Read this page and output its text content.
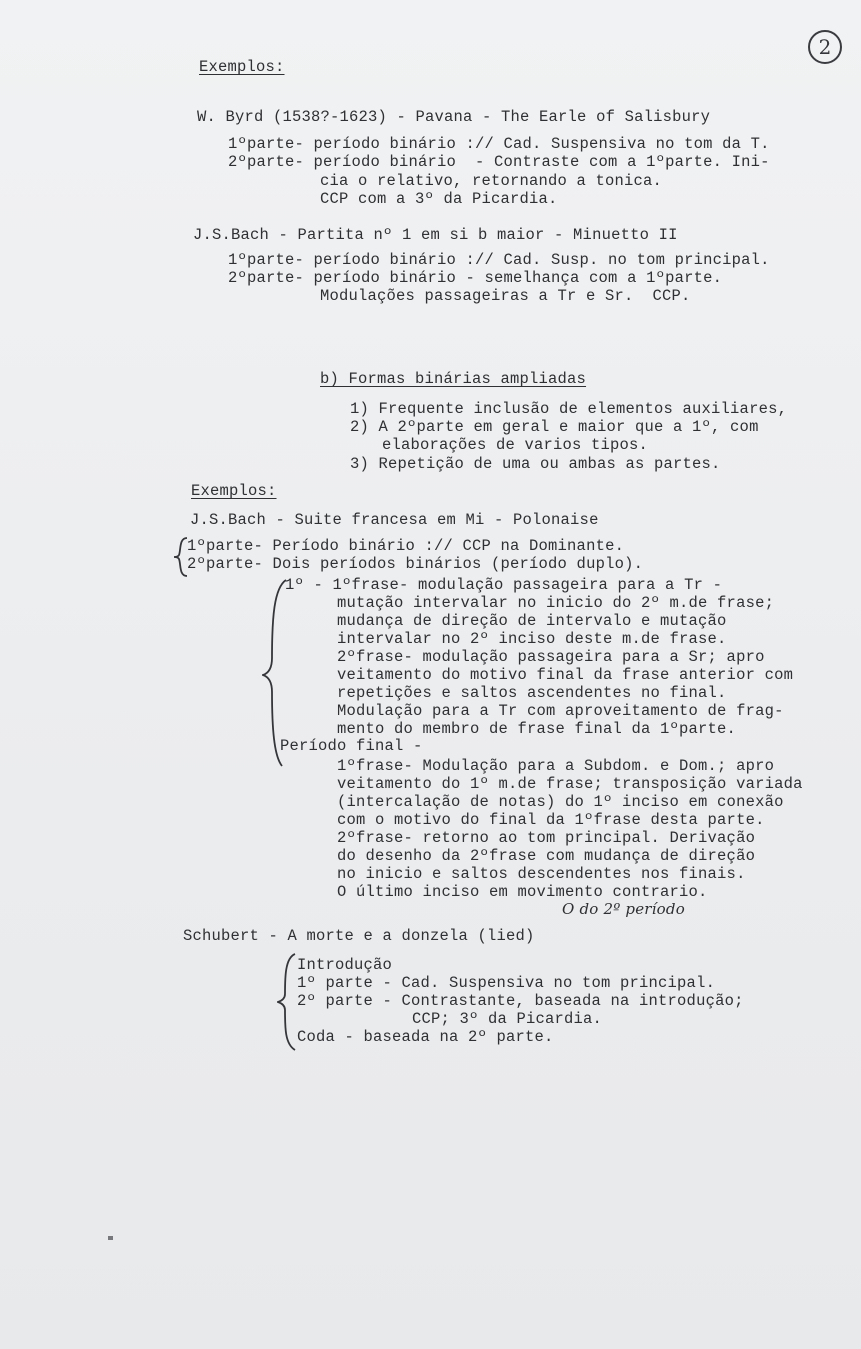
2
Exemplos:
W. Byrd (1538?-1623) - Pavana - The Earle of Salisbury
1ºparte- período binário :// Cad. Suspensiva no tom da T.
2ºparte- período binário  - Contraste com a 1ºparte. Ini-
cia o relativo, retornando a tonica.
CCP com a 3º da Picardia.
J.S.Bach - Partita nº 1 em si b maior - Minuetto II
1ºparte- período binário :// Cad. Susp. no tom principal.
2ºparte- período binário - semelhança com a 1ºparte.
Modulações passageiras a Tr e Sr.  CCP.
b) Formas binárias ampliadas
1) Frequente inclusão de elementos auxiliares,
2) A 2ºparte em geral e maior que a 1º, com
elaborações de varios tipos.
3) Repetição de uma ou ambas as partes.
Exemplos:
J.S.Bach - Suite francesa em Mi - Polonaise
1ºparte- Período binário :// CCP na Dominante.
2ºparte- Dois períodos binários (período duplo).
1º - 1ºfrase- modulação passageira para a Tr -
mutação intervalar no inicio do 2º m.de frase;
mudança de direção de intervalo e mutação
intervalar no 2º inciso deste m.de frase.
2ºfrase- modulação passageira para a Sr; apro
veitamento do motivo final da frase anterior com
repetições e saltos ascendentes no final.
Modulação para a Tr com aproveitamento de frag-
mento do membro de frase final da 1ºparte.
Período final -
1ºfrase- Modulação para a Subdom. e Dom.; apro
veitamento do 1º m.de frase; transposição variada
(intercalação de notas) do 1º inciso em conexão
com o motivo do final da 1ºfrase desta parte.
2ºfrase- retorno ao tom principal. Derivação
do desenho da 2ºfrase com mudança de direção
no inicio e saltos descendentes nos finais.
O último inciso em movimento contrario.
O do 2º período
Schubert - A morte e a donzela (lied)
Introdução
1º parte - Cad. Suspensiva no tom principal.
2º parte - Contrastante, baseada na introdução;
CCP; 3º da Picardia.
Coda - baseada na 2º parte.
